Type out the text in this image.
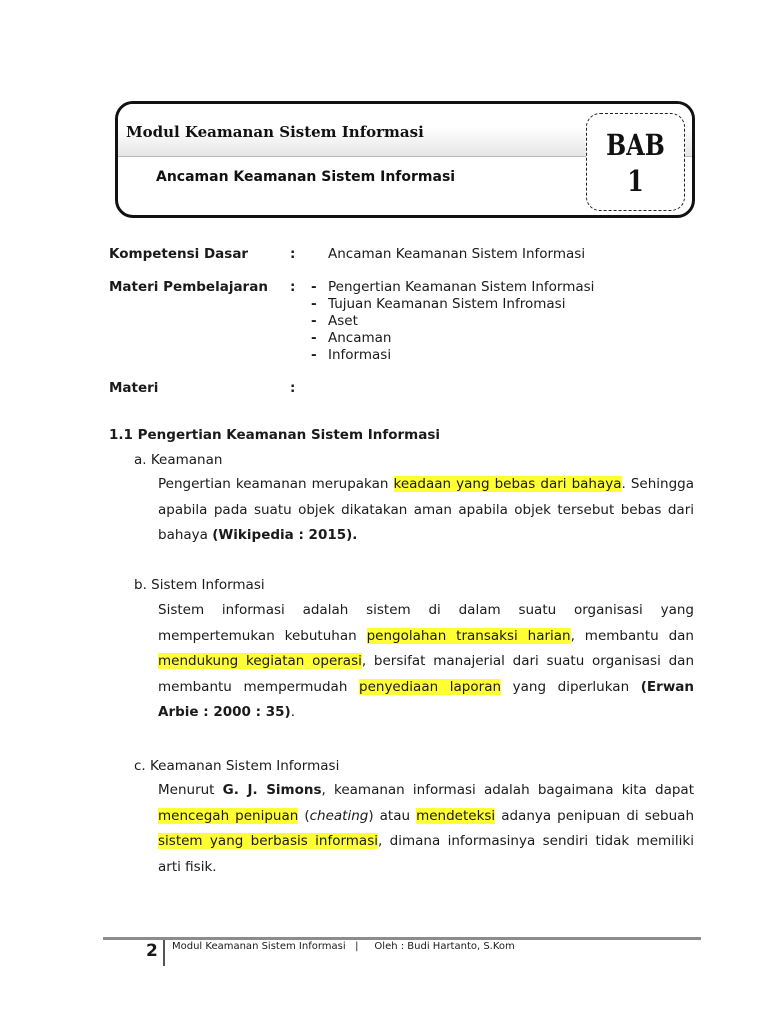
Modul Keamanan Sistem Informasi
Ancaman Keamanan Sistem Informasi
BAB
1
Kompetensi Dasar	: Ancaman Keamanan Sistem Informasi
Materi Pembelajaran : - Pengertian Keamanan Sistem Informasi
- Tujuan Keamanan Sistem Infromasi
- Aset
- Ancaman
- Informasi
Materi	:
1.1 Pengertian Keamanan Sistem Informasi
a. Keamanan
Pengertian keamanan merupakan keadaan yang bebas dari bahaya. Sehingga apabila pada suatu objek dikatakan aman apabila objek tersebut bebas dari bahaya (Wikipedia : 2015).
b. Sistem Informasi
Sistem informasi adalah sistem di dalam suatu organisasi yang mempertemukan kebutuhan pengolahan transaksi harian, membantu dan mendukung kegiatan operasi, bersifat manajerial dari suatu organisasi dan membantu mempermudah penyediaan laporan yang diperlukan (Erwan Arbie : 2000 : 35).
c. Keamanan Sistem Informasi
Menurut G. J. Simons, keamanan informasi adalah bagaimana kita dapat mencegah penipuan (cheating) atau mendeteksi adanya penipuan di sebuah sistem yang berbasis informasi, dimana informasinya sendiri tidak memiliki arti fisik.
2 Modul Keamanan Sistem Informasi   |     Oleh : Budi Hartanto, S.Kom
